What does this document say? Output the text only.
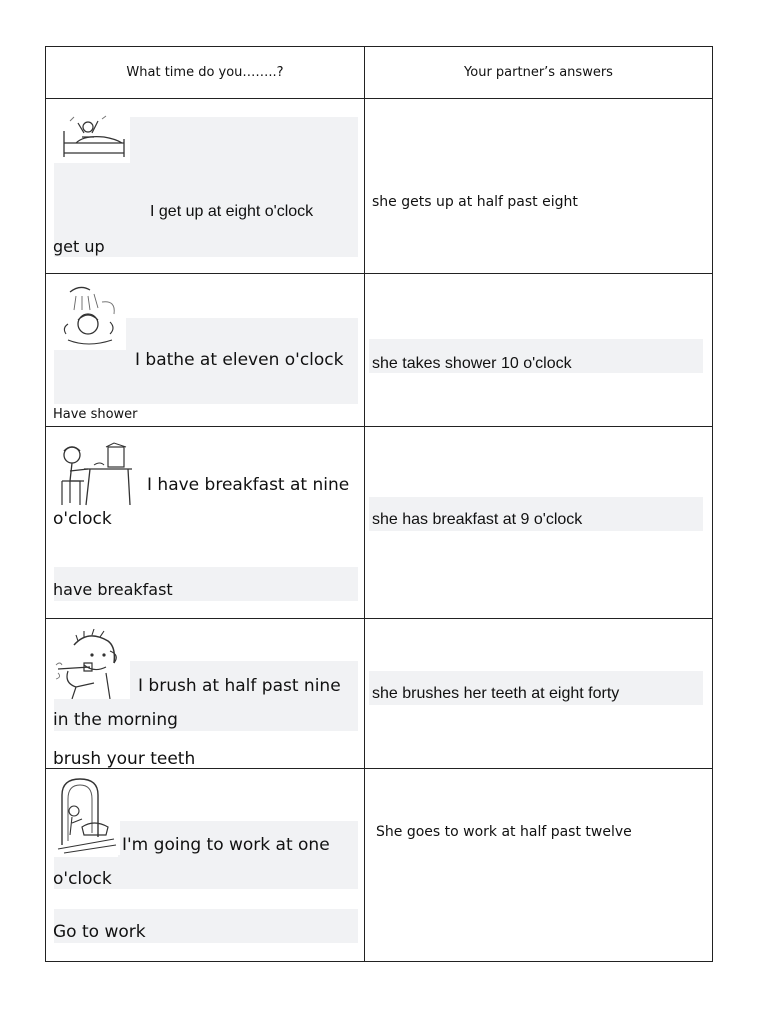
What time do you……..?	Your partner’s answers

I get up at eight o'clock
get up	she gets up at half past eight

I bathe at eleven o'clock
Have shower	she takes shower 10 o'clock

I have breakfast at nine
o'clock
have breakfast	she has breakfast at 9 o'clock

I brush at half past nine
in the morning
brush your teeth	she brushes her teeth at eight forty

I'm going to work at one
o'clock
Go to work	She goes to work at half past twelve
